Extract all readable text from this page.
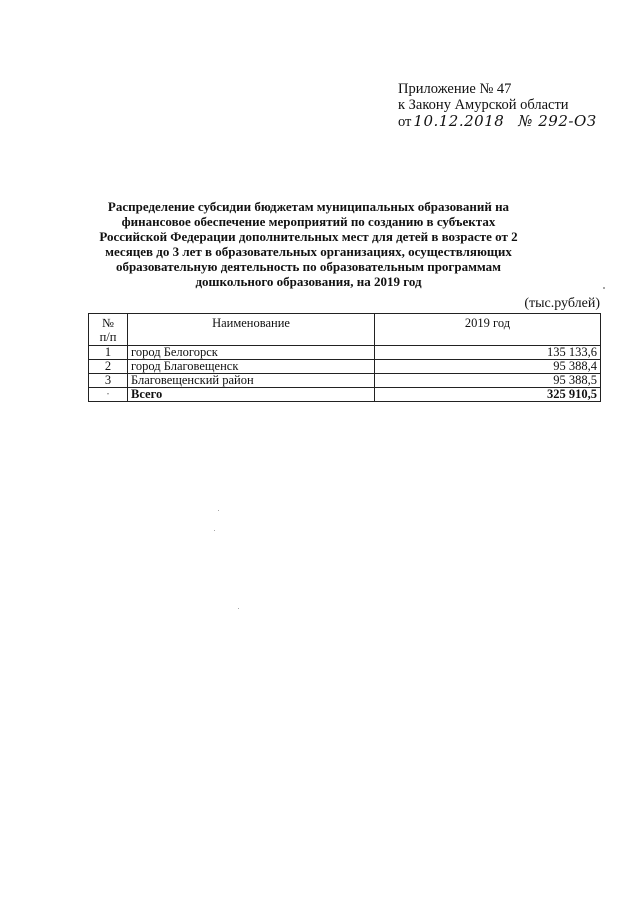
Приложение № 47
к Закону Амурской области
от 10.12.2018 № 292-ОЗ
Распределение субсидии бюджетам муниципальных образований на финансовое обеспечение мероприятий по созданию в субъектах Российской Федерации дополнительных мест для детей в возрасте от 2 месяцев до 3 лет в образовательных организациях, осуществляющих образовательную деятельность по образовательным программам дошкольного образования, на 2019 год
(тыс.рублей)
№
п/п	Наименование	2019 год
1	город Белогорск	135 133,6
2	город Благовещенск	95 388,4
3	Благовещенский район	95 388,5
·	Всего	325 910,5
